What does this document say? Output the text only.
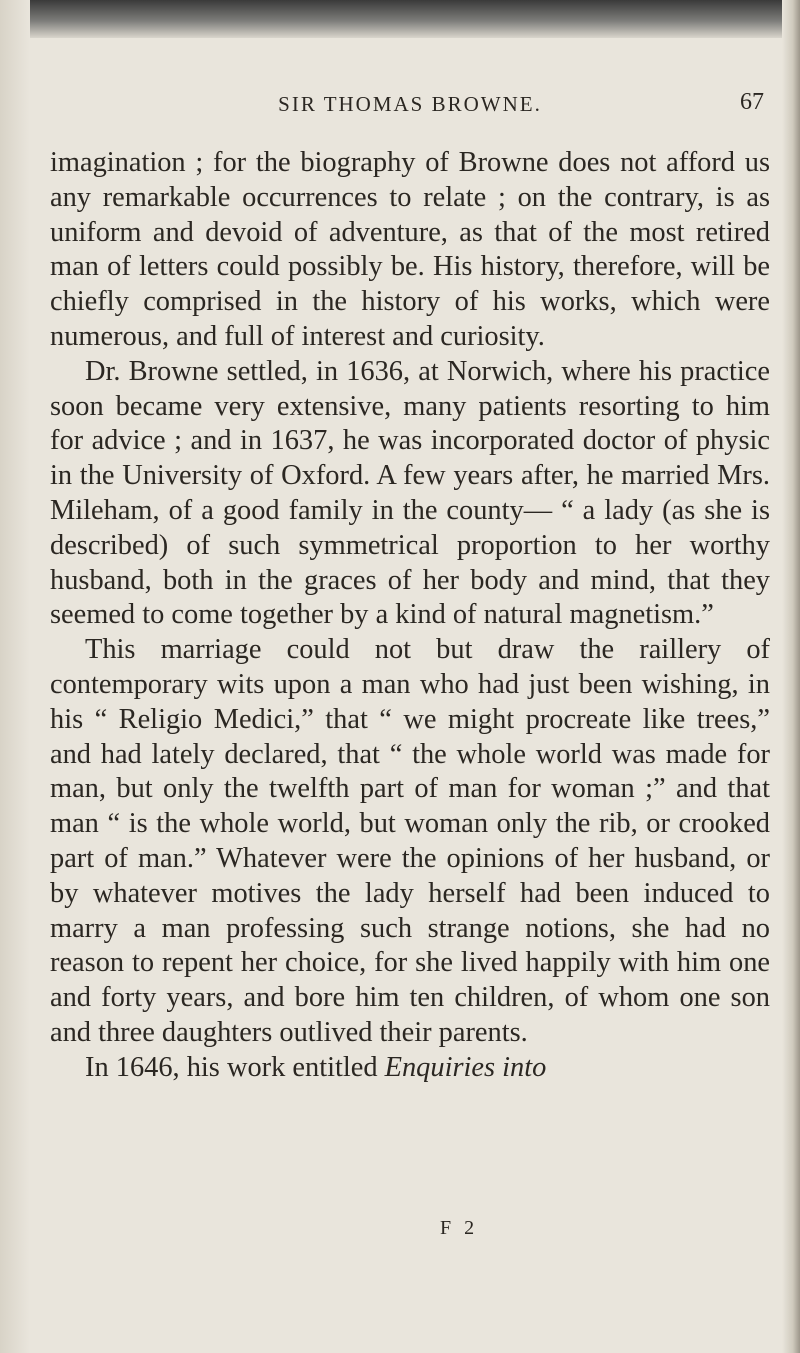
SIR THOMAS BROWNE.	67

imagination ; for the biography of Browne does not afford us any remarkable occurrences to relate ; on the contrary, is as uniform and devoid of adventure, as that of the most retired man of letters could possibly be. His history, therefore, will be chiefly comprised in the history of his works, which were numerous, and full of interest and curiosity.

Dr. Browne settled, in 1636, at Norwich, where his practice soon became very extensive, many patients resorting to him for advice ; and in 1637, he was incorporated doctor of physic in the University of Oxford. A few years after, he married Mrs. Mileham, of a good family in the county— “ a lady (as she is described) of such symmetrical proportion to her worthy husband, both in the graces of her body and mind, that they seemed to come together by a kind of natural magnetism.”

This marriage could not but draw the raillery of contemporary wits upon a man who had just been wishing, in his “ Religio Medici,” that “ we might procreate like trees,” and had lately declared, that “ the whole world was made for man, but only the twelfth part of man for woman ;” and that man “ is the whole world, but woman only the rib, or crooked part of man.” Whatever were the opinions of her husband, or by whatever motives the lady herself had been induced to marry a man professing such strange notions, she had no reason to repent her choice, for she lived happily with him one and forty years, and bore him ten children, of whom one son and three daughters outlived their parents.

In 1646, his work entitled Enquiries into

F 2
